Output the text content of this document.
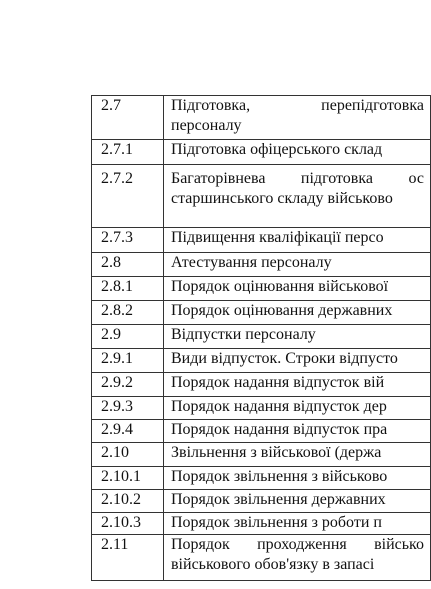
2.7	Підготовка, перепідготовка
персоналу

2.7.1	Підготовка офіцерського склад
2.7.2	Багаторівнева підготовка ос
старшинського складу військово

2.7.3	Підвищення кваліфікації персо
2.8	Атестування персоналу
2.8.1	Порядок оцінювання військової
2.8.2	Порядок оцінювання державних
2.9	Відпустки персоналу
2.9.1	Види відпусток. Строки відпусто
2.9.2	Порядок надання відпусток вій
2.9.3	Порядок надання відпусток дер
2.9.4	Порядок надання відпусток пра
2.10	Звільнення з військової (держа
2.10.1	Порядок звільнення з військово
2.10.2	Порядок звільнення державних
2.10.3	Порядок звільнення з роботи п
2.11	Порядок проходження військо
військового обов'язку в запасі
